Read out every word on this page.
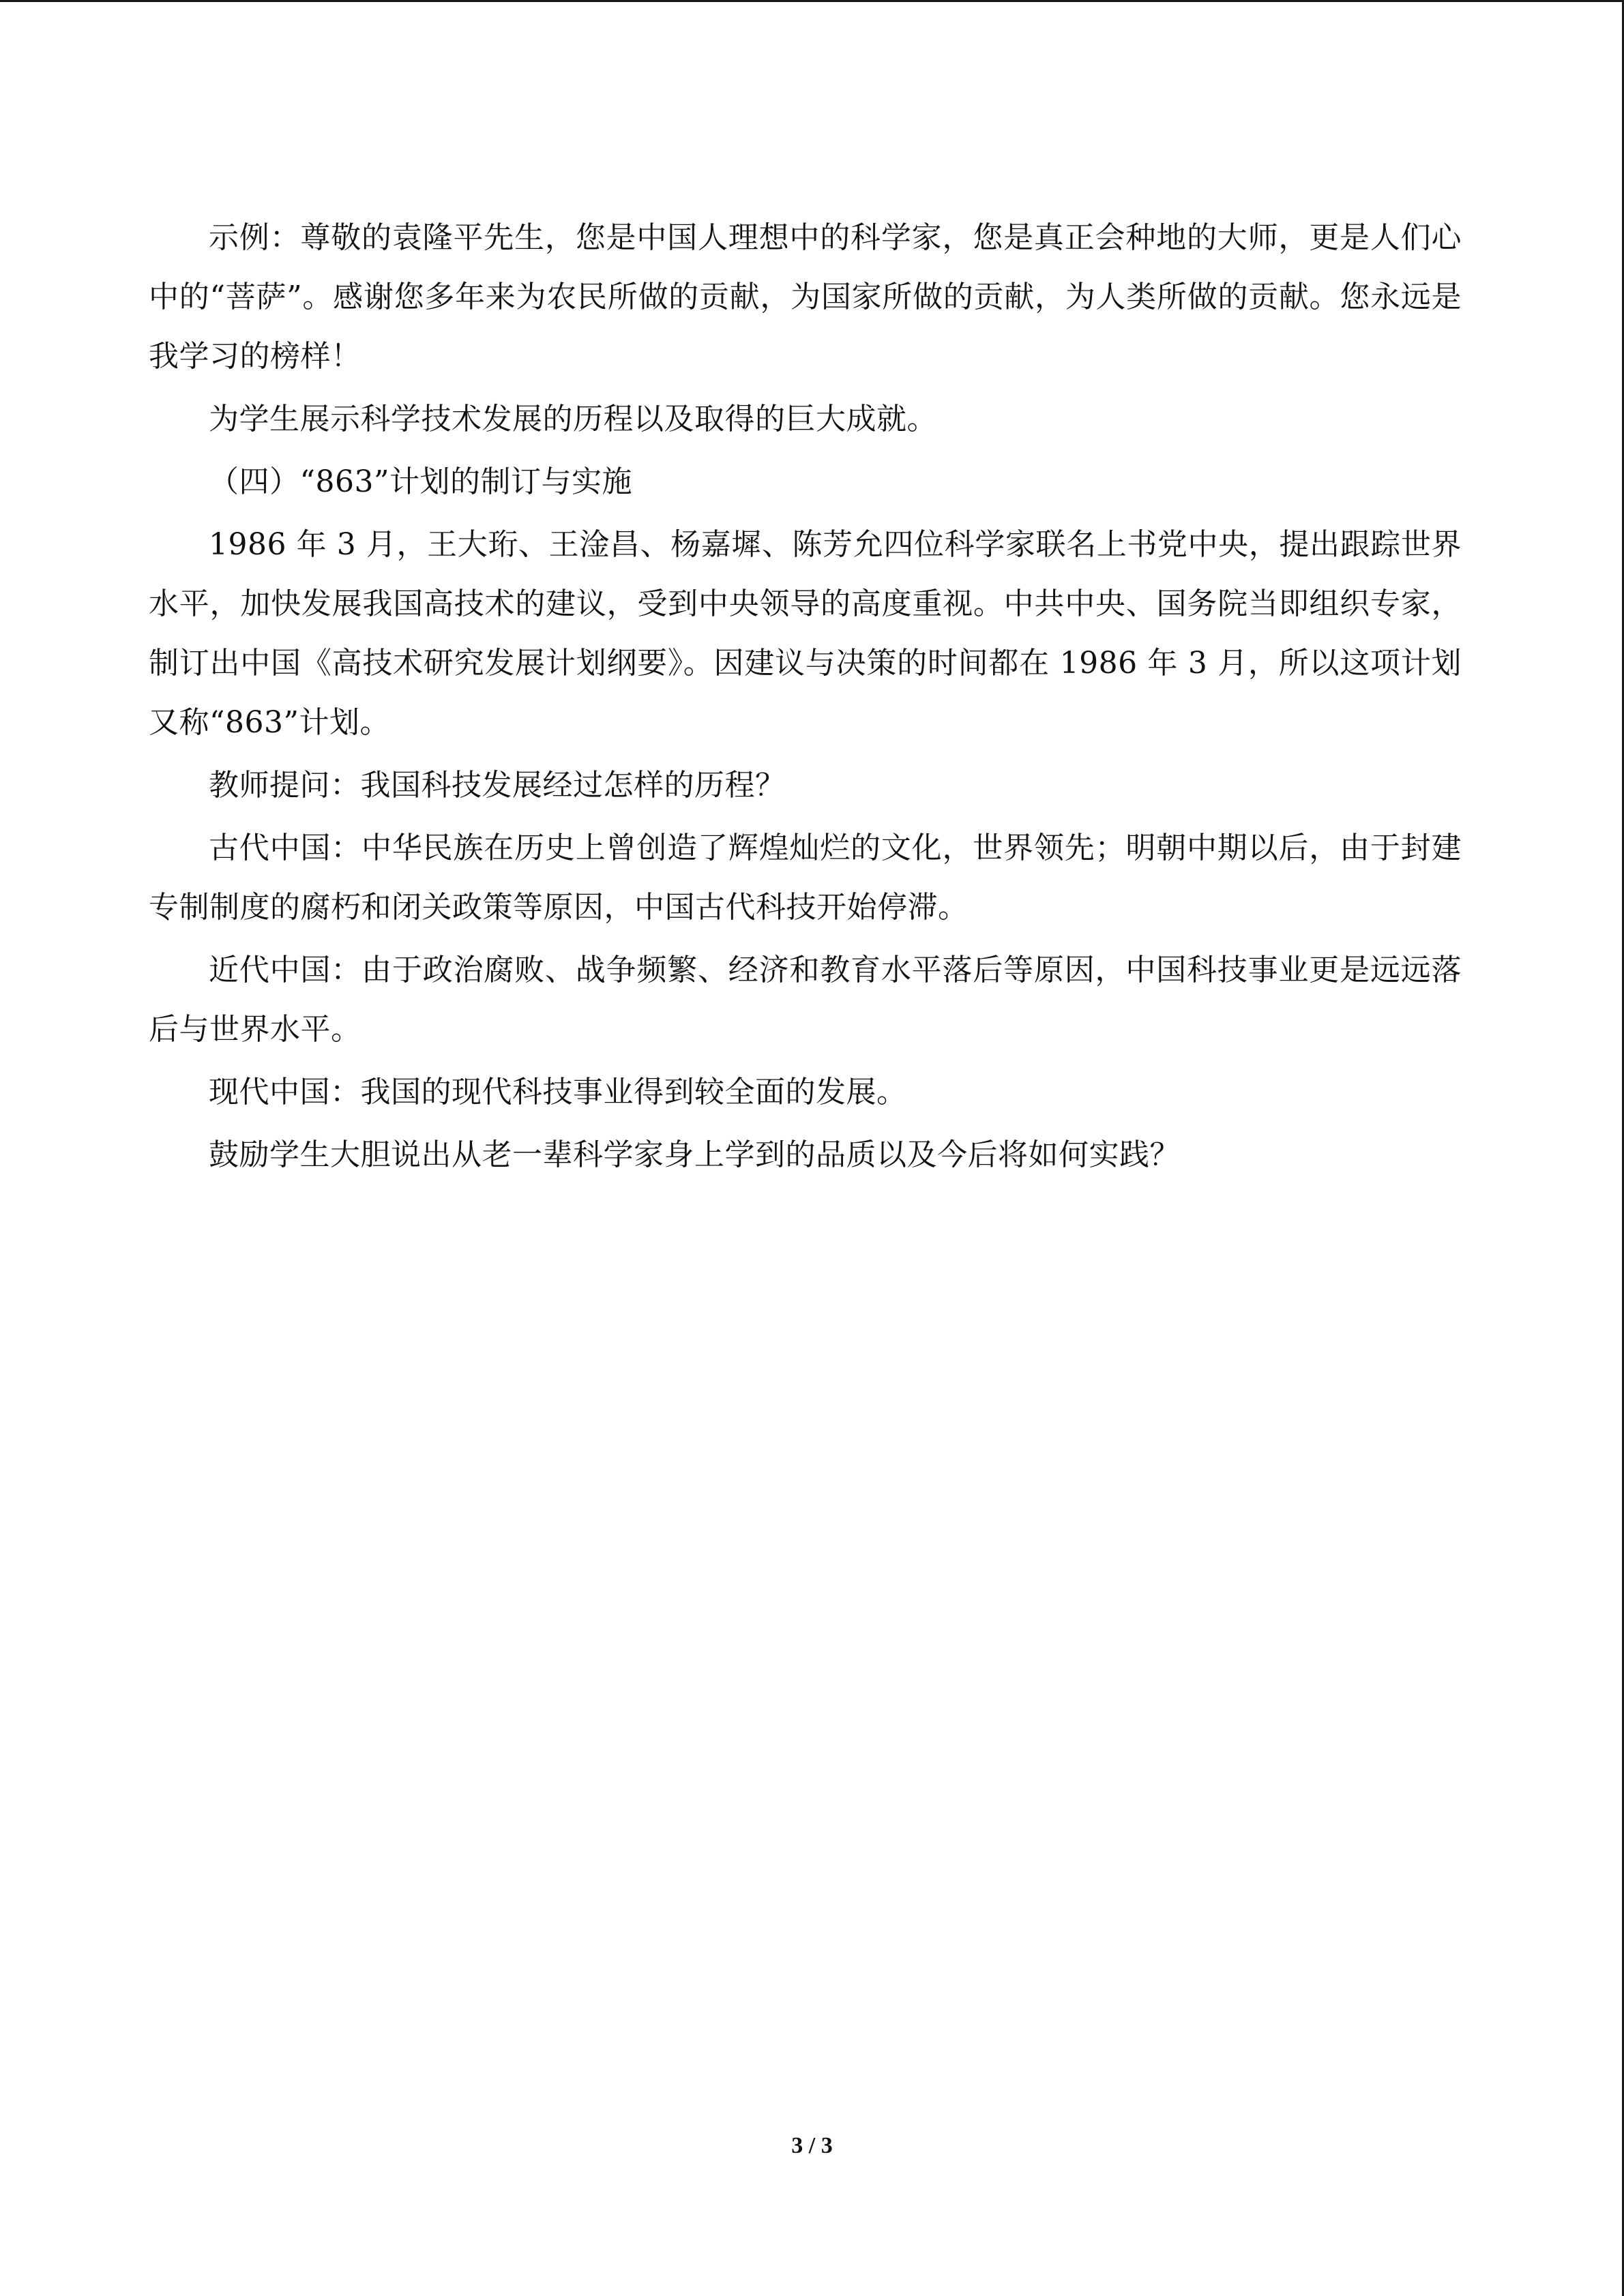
示例：尊敬的袁隆平先生，您是中国人理想中的科学家，您是真正会种地的大师，更是人们心中的“菩萨”。感谢您多年来为农民所做的贡献，为国家所做的贡献，为人类所做的贡献。您永远是我学习的榜样！

为学生展示科学技术发展的历程以及取得的巨大成就。

（四）“863”计划的制订与实施

1986 年 3 月，王大珩、王淦昌、杨嘉墀、陈芳允四位科学家联名上书党中央，提出跟踪世界水平，加快发展我国高技术的建议，受到中央领导的高度重视。中共中央、国务院当即组织专家，制订出中国《高技术研究发展计划纲要》。因建议与决策的时间都在 1986 年 3 月，所以这项计划又称“863”计划。

教师提问：我国科技发展经过怎样的历程？

古代中国：中华民族在历史上曾创造了辉煌灿烂的文化，世界领先；明朝中期以后，由于封建专制制度的腐朽和闭关政策等原因，中国古代科技开始停滞。

近代中国：由于政治腐败、战争频繁、经济和教育水平落后等原因，中国科技事业更是远远落后与世界水平。

现代中国：我国的现代科技事业得到较全面的发展。

鼓励学生大胆说出从老一辈科学家身上学到的品质以及今后将如何实践？

3 / 3
